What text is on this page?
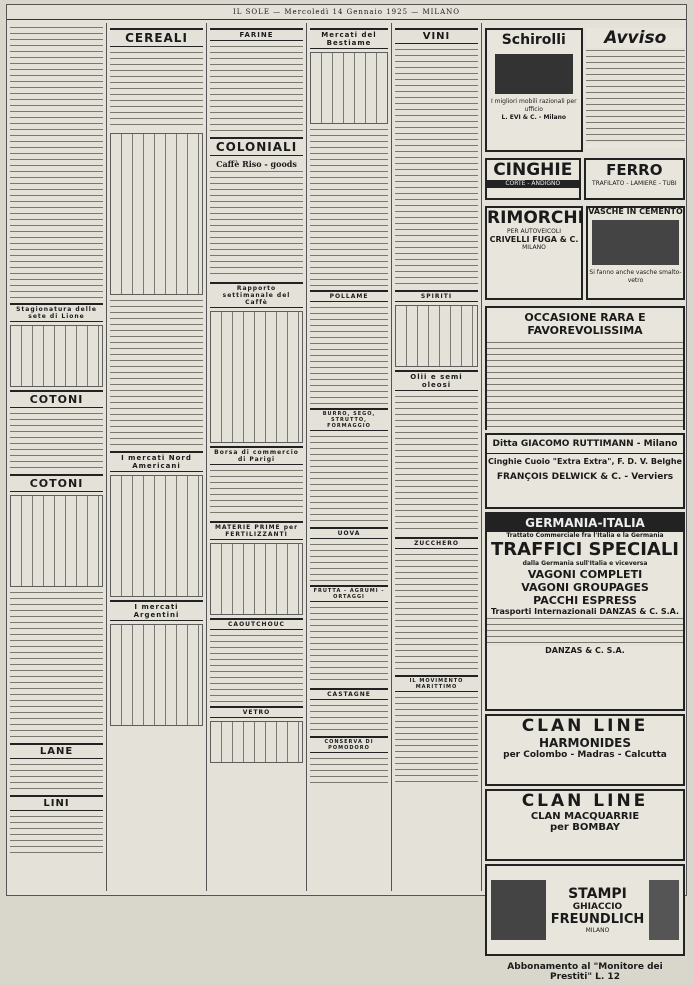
IL SOLE — Mercoledì 14 Gennaio 1925 — MILANO
Stagionatura delle sete di Lione
COTONI
COTONI
LANE
LINI
CEREALI
I mercati Nord Americani
I mercati Argentini
FARINE
COLONIALI
Caffè Riso - goods
Rapporto settimanale del Caffè
Borsa di commercio di Parigi
MATERIE PRIME per FERTILIZZANTI
CAOUTCHOUC
VETRO
Mercati del Bestiame
POLLAME
BURRO, SEGO, STRUTTO, FORMAGGIO
UOVA
FRUTTA - AGRUMI - ORTAGGI
CASTAGNE
CONSERVA DI POMODORO
VINI
SPIRITI
Olii e semi oleosi
ZUCCHERO
IL MOVIMENTO MARITTIMO
Schirolli
I migliori mobili razionali per ufficio
L. EVI & C. - Milano
Avviso
CINGHIE
CORTE - ANDIGNO
FERRO
TRAFILATO - LAMIERE - TUBI
RIMORCHI
PER AUTOVEICOLI
CRIVELLI FUGA & C.
MILANO
VASCHE IN CEMENTO
Si fanno anche vasche smalto-vetro
OCCASIONE RARA E FAVOREVOLISSIMA
Ditta GIACOMO RUTTIMANN - Milano
Cinghie Cuoio "Extra Extra", F. D. V. Belghe
FRANÇOIS DELWICK & C. - Verviers
GERMANIA-ITALIA
Trattato Commerciale fra l'Italia e la Germania
TRAFFICI SPECIALI
dalla Germania sull'Italia e viceversa
VAGONI COMPLETI
VAGONI GROUPAGES
PACCHI ESPRESS
Trasporti Internazionali DANZAS & C. S.A.
DANZAS & C. S.A.
CLAN LINE
HARMONIDES
per Colombo - Madras - Calcutta
CLAN LINE
CLAN MACQUARRIE
per BOMBAY
STAMPI
GHIACCIO
FREUNDLICH
MILANO
Abbonamento al "Monitore dei Prestiti" L. 12
